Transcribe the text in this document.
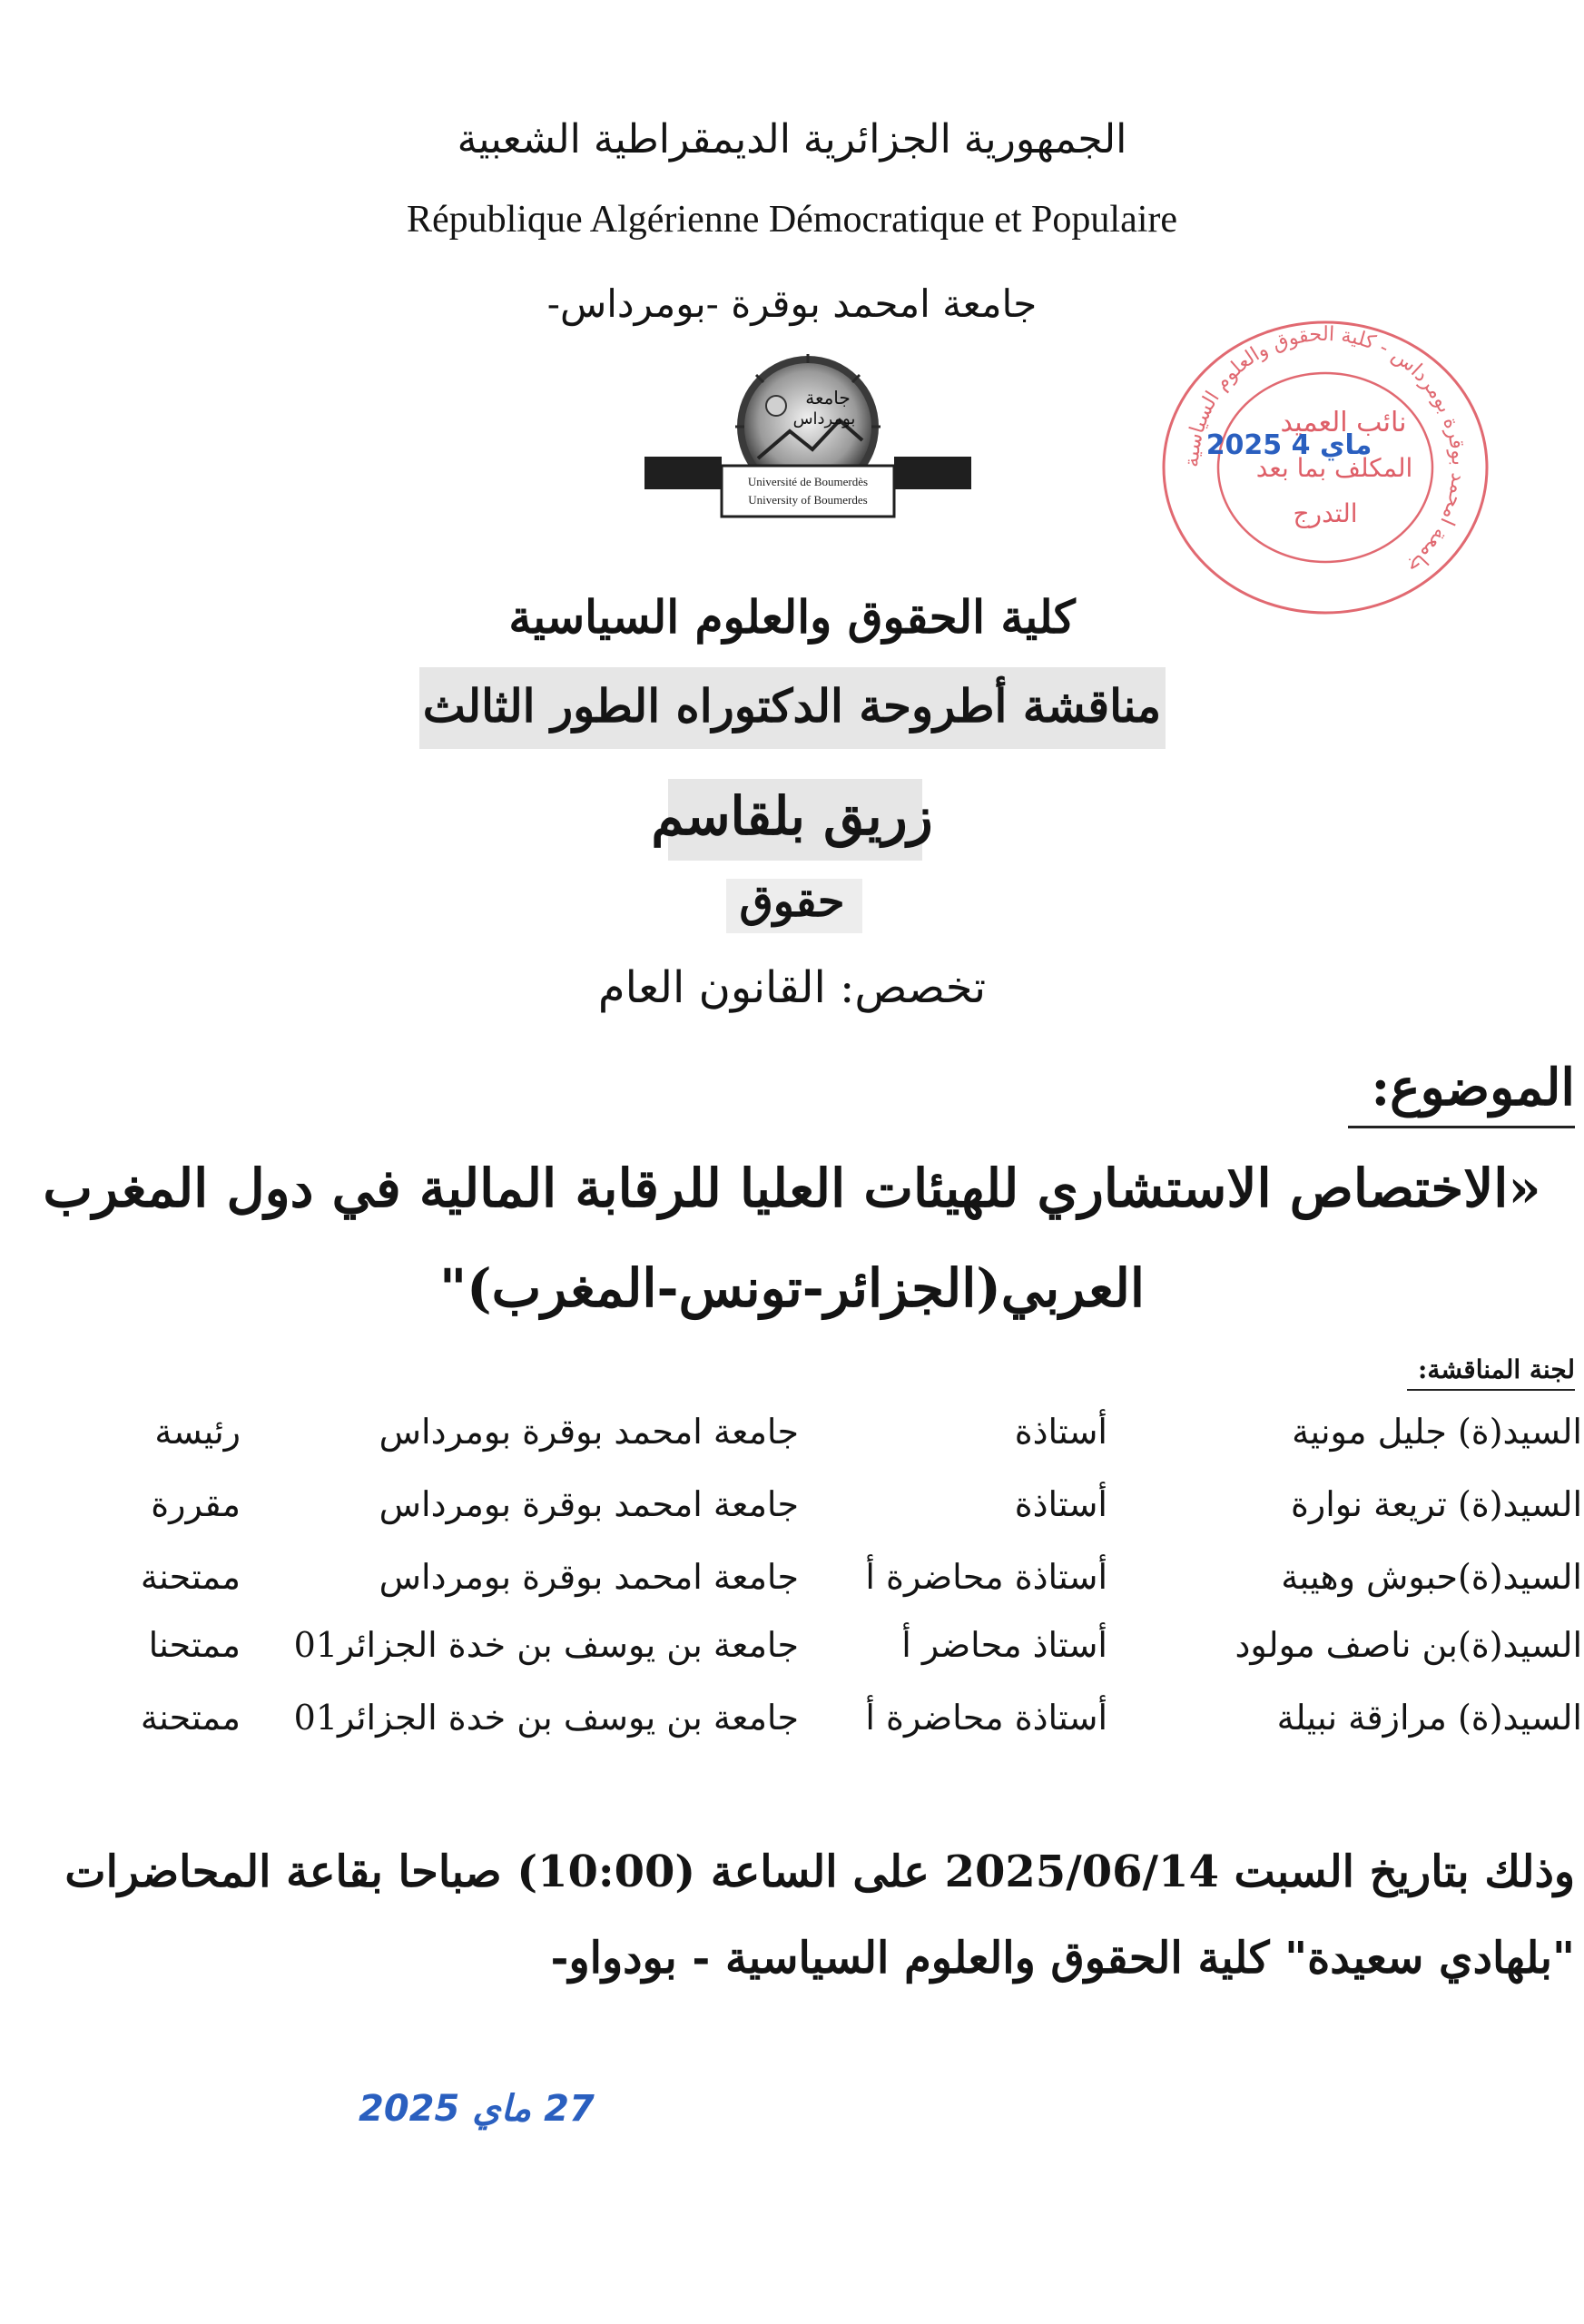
الجمهورية الجزائرية الديمقراطية الشعبية
République Algérienne Démocratique et Populaire
جامعة امحمد بوقرة -بومرداس-
جامعة
بومرداس
Université de Boumerdès
University of Boumerdes
جامعة امحمد بوقرة بومرداس - كلية الحقوق والعلوم السياسية
نائب العميد
المكلف بما بعد
التدرج
2025 ماي 4
كلية الحقوق والعلوم السياسية
مناقشة أطروحة الدكتوراه الطور الثالث
زريق بلقاسم
حقوق
تخصص: القانون العام
الموضوع:
«الاختصاص الاستشاري للهيئات العليا للرقابة المالية في دول المغرب
العربي(الجزائر-تونس-المغرب)"
لجنة المناقشة:
السيد(ة) جليل مونية
أستاذة
جامعة امحمد بوقرة بومرداس
رئيسة
السيد(ة) تريعة نوارة
أستاذة
جامعة امحمد بوقرة بومرداس
مقررة
السيد(ة)حبوش وهيبة
أستاذة محاضرة أ
جامعة امحمد بوقرة بومرداس
ممتحنة
السيد(ة)بن ناصف مولود
أستاذ محاضر أ
جامعة بن يوسف بن خدة الجزائر01
ممتحنا
السيد(ة) مرازقة نبيلة
أستاذة محاضرة أ
جامعة بن يوسف بن خدة الجزائر01
ممتحنة
وذلك بتاريخ السبت 2025/06/14 على الساعة (10:00) صباحا بقاعة المحاضرات "بلهادي سعيدة" كلية الحقوق والعلوم السياسية - بودواو-
27 ماي 2025
